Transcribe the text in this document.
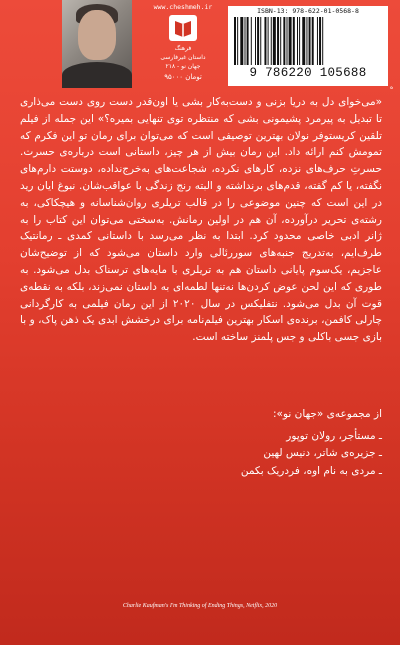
www.cheshmeh.ir
فرهنگ
داستان غیرفارسی
جهان نو - ۲۱۸
۹۵۰۰۰ تومان
ISBN-13: 978-622-01-0568-8
9 786220 105688
ه

«می‌خوای دل به دریا بزنی و دست‌به‌کار بشی یا اون‌قدر دست روی دست می‌ذاری تا تبدیل به پیرمرد پشیمونی بشی که منتظره توی تنهایی بمیره؟» این جمله از فیلم تلقین کریستوفر نولان بهترین توصیفی است که می‌توان برای رمان تو این فکرم که تمومش کنم ارائه داد. این رمان بیش از هر چیز، داستانی است درباره‌ی حسرت. حسرتِ حرف‌های نزده، کارهای نکرده، شجاعت‌های به‌خرج‌نداده، دوستت دارم‌های نگفته، یا کم گفته، قدم‌های برنداشته و البته رنج زندگی با عواقب‌شان. نبوغ ایان رید در این است که چنین موضوعی را در قالب تریلری روان‌شناسانه و هیچکاکی، به رشته‌ی تحریر درآورده، آن هم در اولین رمانش. به‌سختی می‌توان این کتاب را به ژانر ادبی خاصی محدود کرد. ابتدا به نظر می‌رسد با داستانی کمدی ـ رمانتیک طرف‌ایم، به‌تدریج جنبه‌های سوررئالی وارد داستان می‌شود که از توضیح‌شان عاجزیم، یک‌سوم پایانی داستان هم به تریلری با مایه‌های ترسناک بدل می‌شود. به طوری که این لحن عوض کردن‌ها نه‌تنها لطمه‌ای به داستان نمی‌زند، بلکه به نقطه‌ی قوت آن بدل می‌شود. نتفلیکس در سال ۲۰۲۰ از این رمان فیلمی به کارگردانی چارلی کافمن، برنده‌ی اسکار بهترین فیلم‌نامه برای درخشش ابدی یک ذهن پاک، و با بازی جسی باکلی و جس پلمنز ساخته است.

از مجموعه‌ی «جهان نو»:
ـ مستأجر، رولان توپور
ـ جزیره‌ی شاتر، دنیس لهین
ـ مردی به نام اوه، فردریک بکمن
Charlie Kaufman's I'm Thinking of Ending Things, Netflix, 2020
